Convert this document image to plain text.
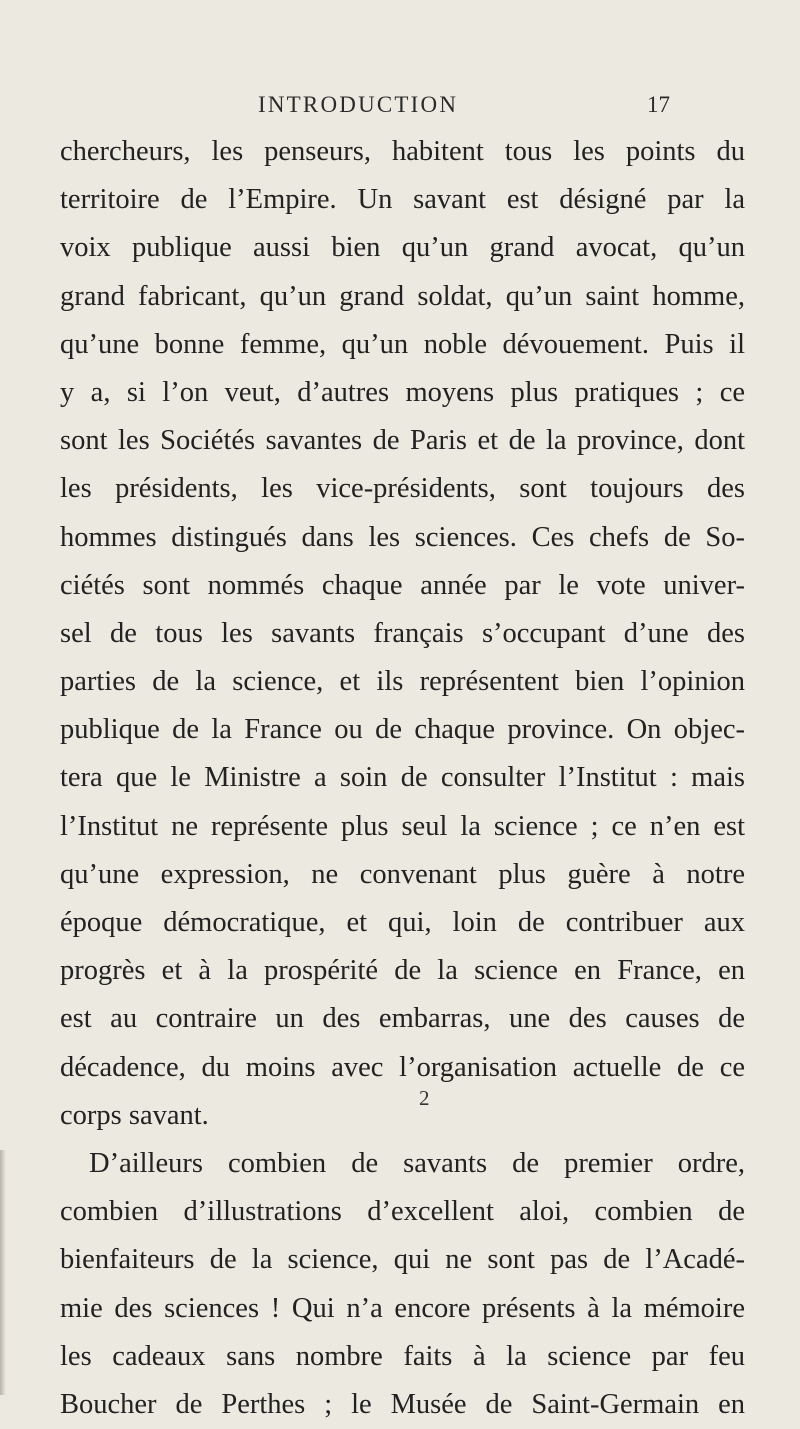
INTRODUCTION	17
chercheurs, les penseurs, habitent tous les points du
territoire de l’Empire. Un savant est désigné par la
voix publique aussi bien qu’un grand avocat, qu’un
grand fabricant, qu’un grand soldat, qu’un saint homme,
qu’une bonne femme, qu’un noble dévouement. Puis il
y a, si l’on veut, d’autres moyens plus pratiques ; ce
sont les Sociétés savantes de Paris et de la province, dont
les présidents, les vice-présidents, sont toujours des
hommes distingués dans les sciences. Ces chefs de So-
ciétés sont nommés chaque année par le vote univer-
sel de tous les savants français s’occupant d’une des
parties de la science, et ils représentent bien l’opinion
publique de la France ou de chaque province. On objec-
tera que le Ministre a soin de consulter l’Institut : mais
l’Institut ne représente plus seul la science ; ce n’en est
qu’une expression, ne convenant plus guère à notre
époque démocratique, et qui, loin de contribuer aux
progrès et à la prospérité de la science en France, en
est au contraire un des embarras, une des causes de
décadence, du moins avec l’organisation actuelle de ce
corps savant.
D’ailleurs combien de savants de premier ordre,
combien d’illustrations d’excellent aloi, combien de
bienfaiteurs de la science, qui ne sont pas de l’Acadé-
mie des sciences ! Qui n’a encore présents à la mémoire
les cadeaux sans nombre faits à la science par feu
Boucher de Perthes ; le Musée de Saint-Germain en
2
